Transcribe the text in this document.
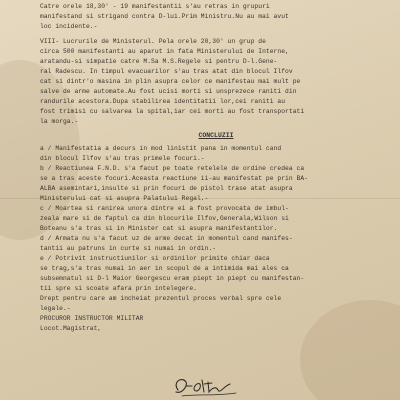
Catre orele 18,30' - 19 manifestantii s'au retras in grupuri
manifestand si strigand contra D-lui.Prim Ministru.Nu au mai avut
loc incidente.-
VIII- Lucrurile de Ministerul. Pela orele 20,30' un grup de
circa 500 manifestanti au aparut in fata Ministerului de Interne,
aratandu-si simpatie catre M.Sa M.S.Regele si pentru D-l.Gene-
ral Radescu. In timpul evacuarilor s'au tras atat din blocul Ilfov
cat si dintr'o masina in plin asupra celor ce manifestau mai mult pe
salve de arme automate.Au fost ucisi morti si unsprezece raniti din
randurile acestora.Dupa stabilirea identitatii lor,cei raniti au
fost trimisi cu salvarea la spital,iar cei morti au fost transportati
la morga.-
CONCLUZII
a / Manifestatia a decurs in mod linistit pana in momentul cand
din blocul Ilfov s'au tras primele focuri.-
b / Reactiunea F.N.D. s'a facut pe toate retelele de ordine credea ca
se a tras aceste focuri.Aceasta reactiune ii-au manifestat pe prin BA-
ALBA asemintari,insulte si prin focuri de pistol trase atat asupra
Ministerului cat si asupra Palatului Regal.-
c / Moartea si ranirea unora dintre ei a fost provocata de imbul-
zeala mare si de faptul ca din blocurile Ilfov,Generala,Wilson si
Boteanu s'a tras si in Minister cat si asupra manifestantilor.
d / Armata nu s'a facut uz de arme decat in momentul cand manifes-
tantii au patruns in curte si numai in ordin.-
e / Potrivit instructiunilor si ordinilor primite chiar daca
se trag,s'a tras numai in aer in scopul de a intimida mai ales ca
subsemnatul si D-l Maior Georgescu eram piept in piept cu manifestan-
tii spre si scoate afara prin intelegere.
Drept pentru care am incheiat prezentul proces verbal spre cele
legale.-
PROCUROR INSTRUCTOR MILITAR
Locot.Magistrat,
